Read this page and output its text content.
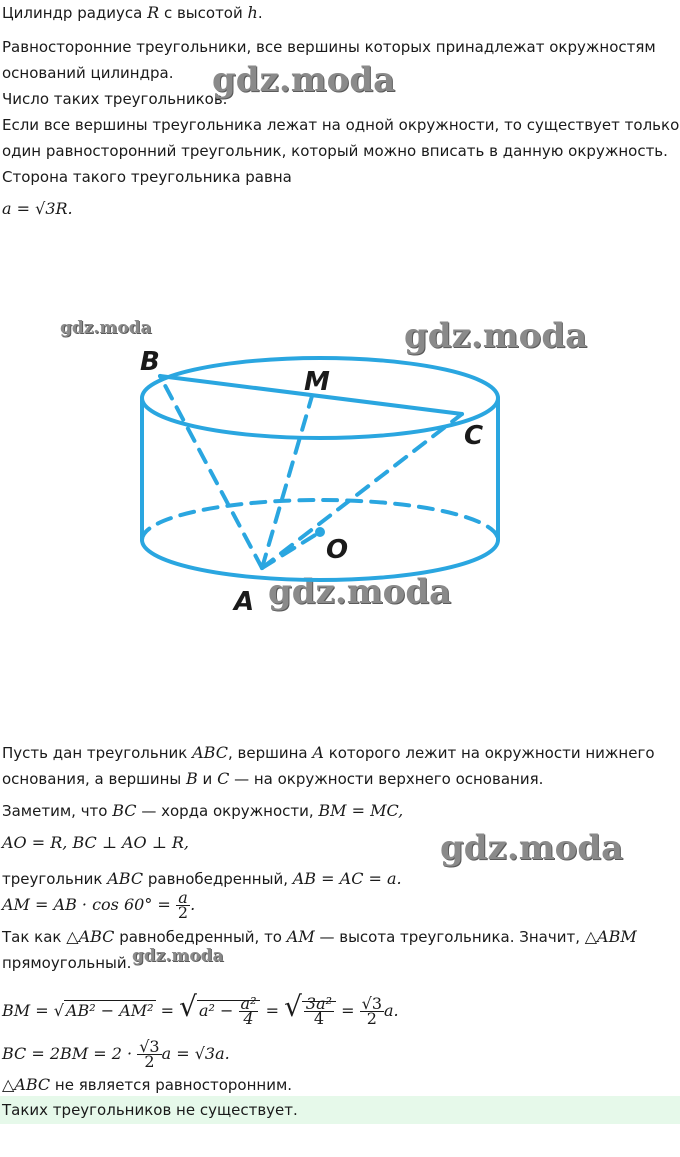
Цилиндр радиуса R с высотой h.
Равносторонние треугольники, все вершины которых принадлежат окружностям
оснований цилиндра.
Число таких треугольников.
Если все вершины треугольника лежат на одной окружности, то существует только
один равносторонний треугольник, который можно вписать в данную окружность.
Сторона такого треугольника равна
a = √3R.
gdz.moda
gdz.moda	gdz.moda
gdz.moda
gdz.moda
gdz.moda
B
M
C
O
A
Пусть дан треугольник ABC, вершина A которого лежит на окружности нижнего
основания, а вершины B и C — на окружности верхнего основания.
Заметим, что BC — хорда окружности, BM = MC,
AO = R, BC ⊥ AO ⊥ R,
треугольник ABC равнобедренный, AB = AC = a.
AM = AB · $\cos 60^\circ = \frac{a}{2}$ .
Так как △ABC равнобедренный, то AM — высота треугольника. Значит, △ABM
прямоугольный.
BM = √ AB² − AM² = √ $a^2 - \frac{\text{a²}}{4}$ = √ $\frac{\text{3a²}}{4} = \frac{√3}{2} a$.
BC = $2BM = 2 \cdot \frac{√3}{2}$ a = √3a.
△ABC не является равносторонним.
Таких треугольников не существует.
